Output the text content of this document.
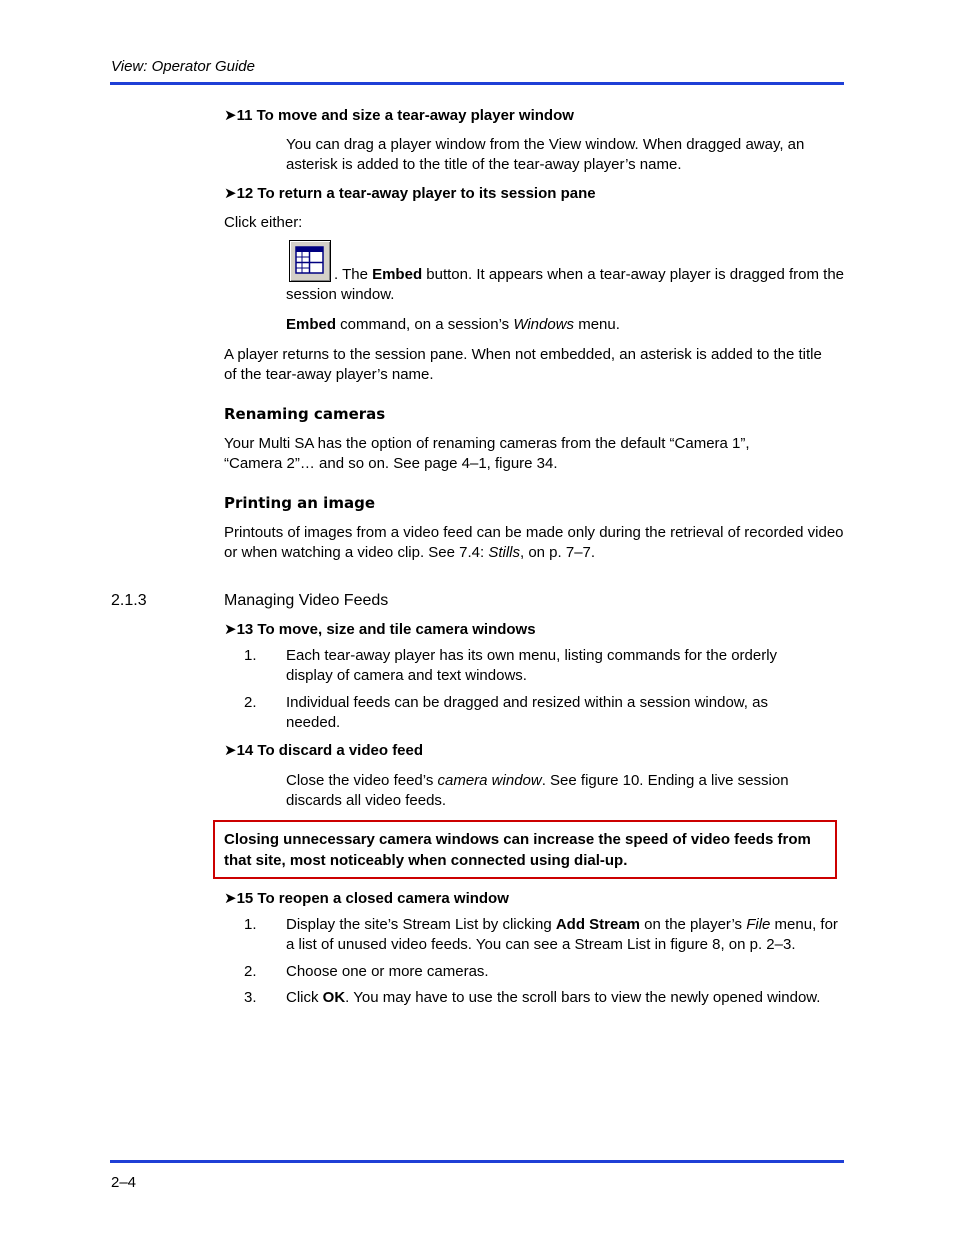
View: Operator Guide
➤11 To move and size a tear-away player window
You can drag a player window from the View window. When dragged away, an asterisk is added to the title of the tear-away player’s name.
➤12 To return a tear-away player to its session pane
Click either:
. The Embed button. It appears when a tear-away player is dragged from the session window.
Embed command, on a session’s Windows menu.
A player returns to the session pane. When not embedded, an asterisk is added to the title of the tear-away player’s name.
Renaming cameras
Your Multi SA has the option of renaming cameras from the default “Camera 1”, “Camera 2”… and so on. See page 4–1, figure 34.
Printing an image
Printouts of images from a video feed can be made only during the retrieval of recorded video or when watching a video clip. See 7.4: Stills, on p. 7–7.
2.1.3	Managing Video Feeds
➤13 To move, size and tile camera windows
1. Each tear-away player has its own menu, listing commands for the orderly display of camera and text windows.
2. Individual feeds can be dragged and resized within a session window, as needed.
➤14 To discard a video feed
Close the video feed’s camera window. See figure 10. Ending a live session discards all video feeds.
Closing unnecessary camera windows can increase the speed of video feeds from that site, most noticeably when connected using dial-up.
➤15 To reopen a closed camera window
1. Display the site’s Stream List by clicking Add Stream on the player’s File menu, for a list of unused video feeds. You can see a Stream List in figure 8, on p. 2–3.
2. Choose one or more cameras.
3. Click OK. You may have to use the scroll bars to view the newly opened window.
2–4
